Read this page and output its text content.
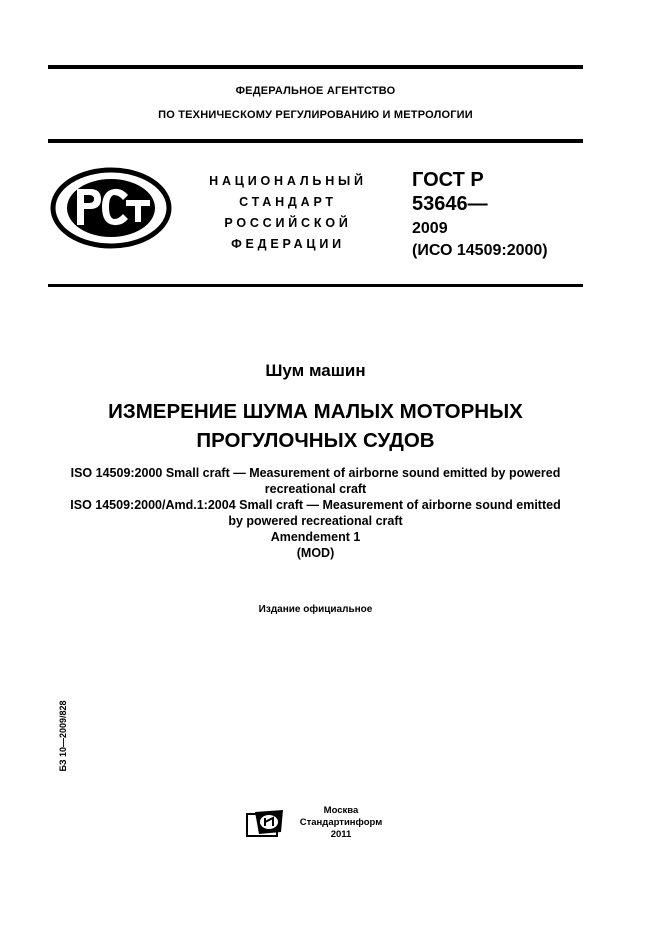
ФЕДЕРАЛЬНОЕ АГЕНТСТВО
ПО ТЕХНИЧЕСКОМУ РЕГУЛИРОВАНИЮ И МЕТРОЛОГИИ
НАЦИОНАЛЬНЫЙ
СТАНДАРТ
РОССИЙСКОЙ
ФЕДЕРАЦИИ
ГОСТ Р
53646—
2009
(ИСО 14509:2000)
Шум машин
ИЗМЕРЕНИЕ ШУМА МАЛЫХ МОТОРНЫХ
ПРОГУЛОЧНЫХ СУДОВ
ISO 14509:2000 Small craft — Measurement of airborne sound emitted by powered
recreational craft
ISO 14509:2000/Amd.1:2004 Small craft — Measurement of airborne sound emitted
by powered recreational craft
Amendement 1
(MOD)
Издание официальное
БЗ 10—2009/828
Москва
Стандартинформ
2011
